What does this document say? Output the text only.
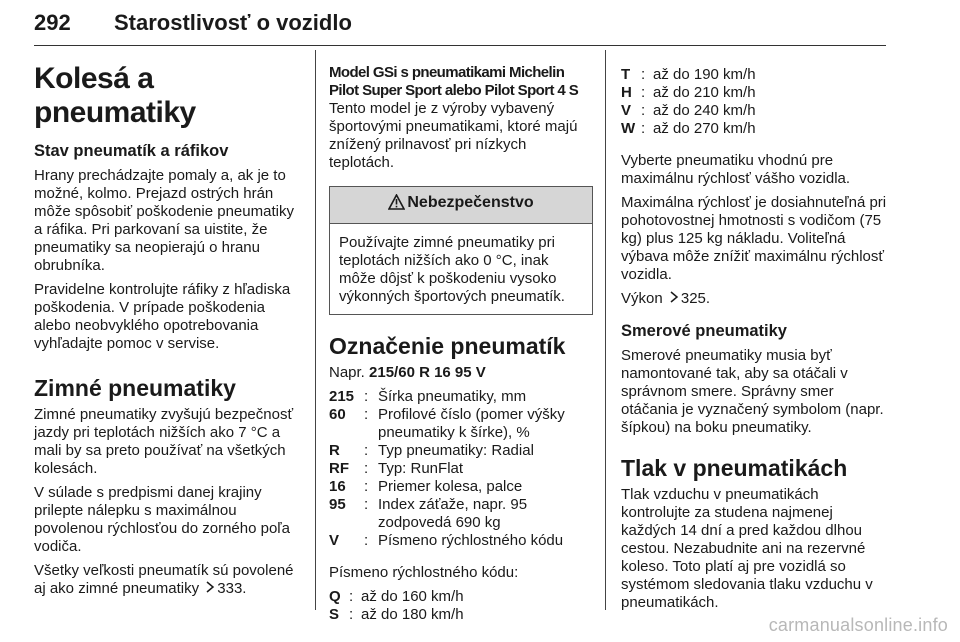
292 Starostlivosť o vozidlo
Kolesá a pneumatiky
Stav pneumatík a ráfikov

Hrany prechádzajte pomaly a, ak je to možné, kolmo. Prejazd ostrých hrán môže spôsobiť poškodenie pneumatiky a ráfika. Pri parkovaní sa uistite, že pneumatiky sa neopierajú o hranu obrubníka.

Pravidelne kontrolujte ráfiky z hľadiska poškodenia. V prípade poškodenia alebo neobvyklého opotrebovania vyhľadajte pomoc v servise.

Zimné pneumatiky

Zimné pneumatiky zvyšujú bezpečnosť jazdy pri teplotách nižších ako 7 °C a mali by sa preto používať na všetkých kolesách.

V súlade s predpismi danej krajiny prilepte nálepku s maximálnou povolenou rýchlosťou do zorného poľa vodiča.

Všetky veľkosti pneumatík sú povolené aj ako zimné pneumatiky 333.

Model GSi s pneumatikami Michelin Pilot Super Sport alebo Pilot Sport 4 S

Tento model je z výroby vybavený športovými pneumatikami, ktoré majú znížený prilnavosť pri nízkych teplotách.

Nebezpečenstvo

Používajte zimné pneumatiky pri teplotách nižších ako 0 °C, inak môže dôjsť k poškodeniu vysoko výkonných športových pneumatík.

Označenie pneumatík

Napr. 215/60 R 16 95 V

215 : Šírka pneumatiky, mm
60	: Profilové číslo (pomer výšky pneumatiky k šírke), %
R	: Typ pneumatiky: Radial
RF	: Typ: RunFlat
16	: Priemer kolesa, palce
95	: Index záťaže, napr. 95 zodpovedá 690 kg
V	: Písmeno rýchlostného kódu

Písmeno rýchlostného kódu:

Q : až do 160 km/h
S : až do 180 km/h
T : až do 190 km/h
H : až do 210 km/h
V : až do 240 km/h
W : až do 270 km/h

Vyberte pneumatiku vhodnú pre maximálnu rýchlosť vášho vozidla.

Maximálna rýchlosť je dosiahnuteľná pri pohotovostnej hmotnosti s vodičom (75 kg) plus 125 kg nákladu. Voliteľná výbava môže znížiť maximálnu rýchlosť vozidla.

Výkon 325.

Smerové pneumatiky

Smerové pneumatiky musia byť namontované tak, aby sa otáčali v správnom smere. Správny smer otáčania je vyznačený symbolom (napr. šípkou) na boku pneumatiky.

Tlak v pneumatikách

Tlak vzduchu v pneumatikách kontrolujte za studena najmenej každých 14 dní a pred každou dlhou cestou. Nezabudnite ani na rezervné koleso. Toto platí aj pre vozidlá so systémom sledovania tlaku vzduchu v pneumatikách.

carmanualsonline.info
